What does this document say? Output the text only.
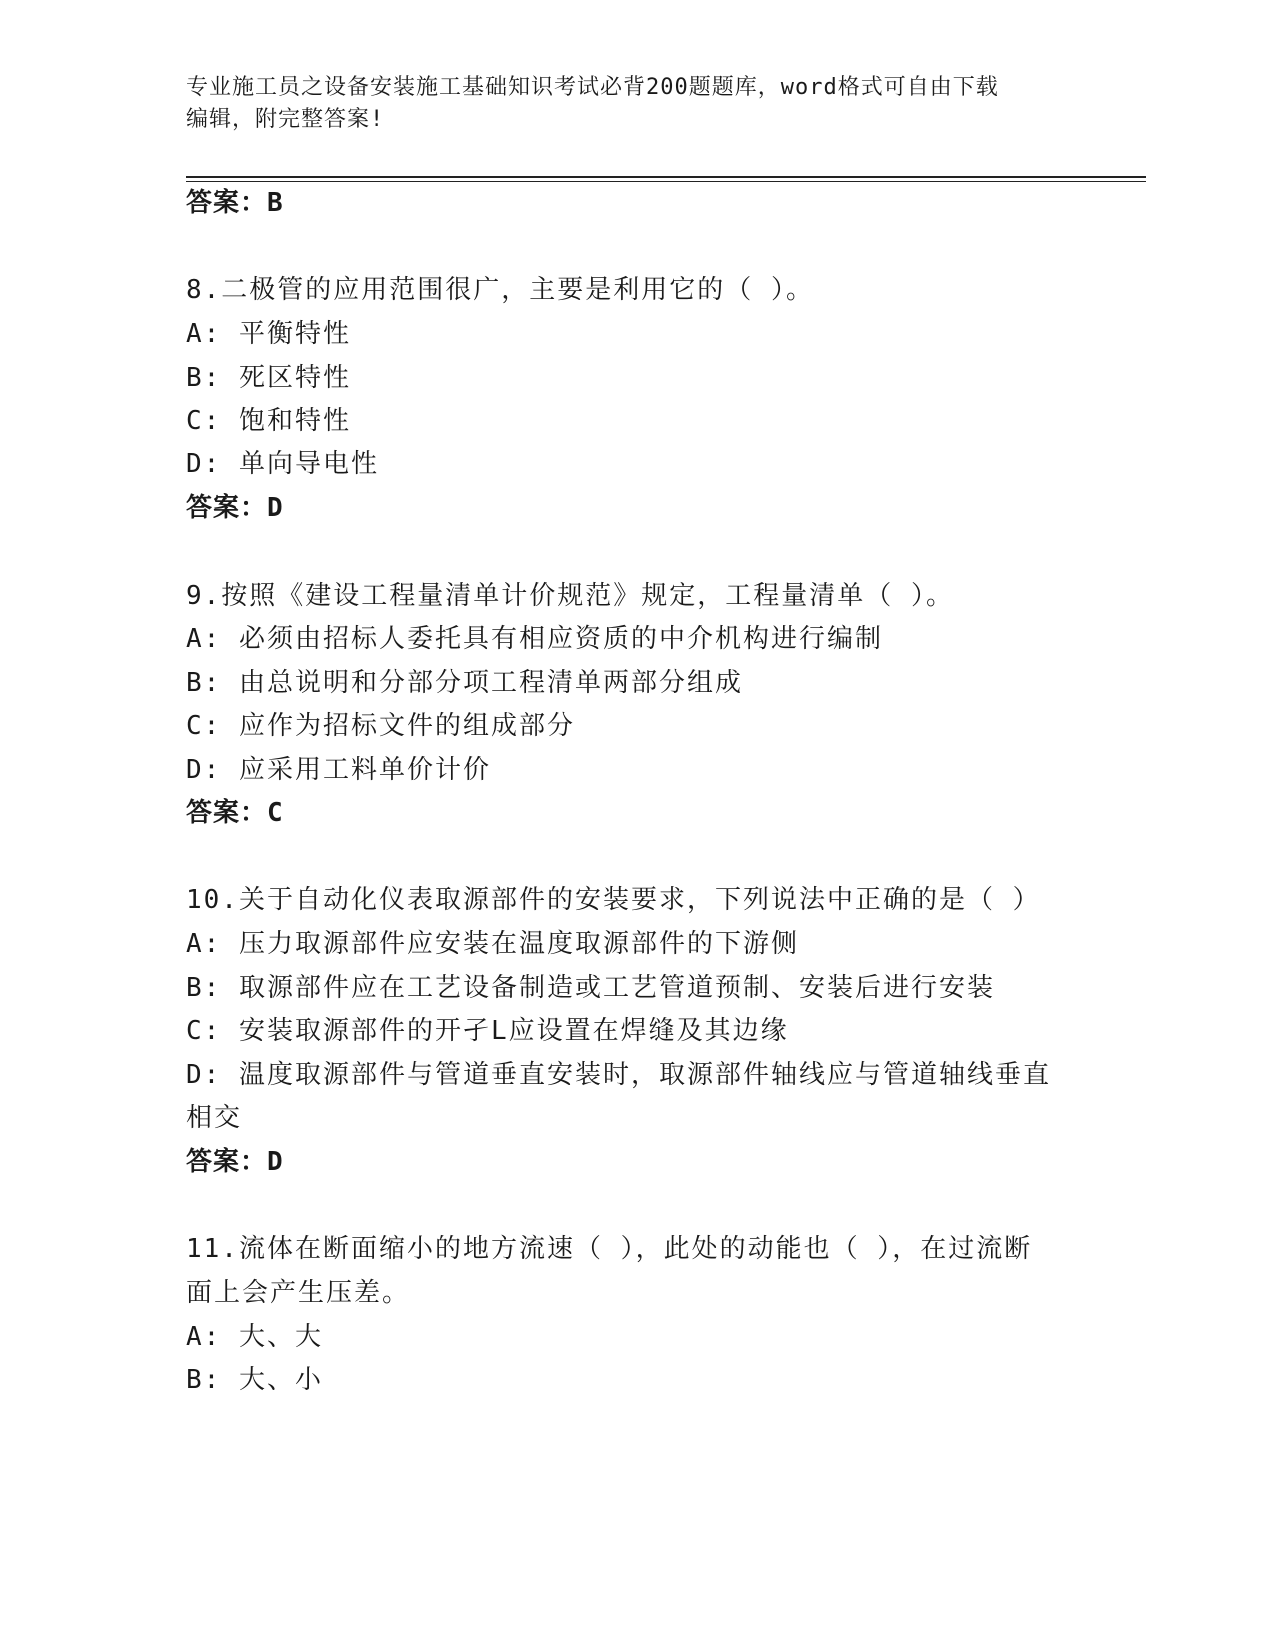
专业施工员之设备安装施工基础知识考试必背200题题库，word格式可自由下载
编辑，附完整答案!
答案：B
8.二极管的应用范围很广，主要是利用它的（ ）。
A: 平衡特性
B: 死区特性
C: 饱和特性
D: 单向导电性
答案：D
9.按照《建设工程量清单计价规范》规定，工程量清单（ ）。
A: 必须由招标人委托具有相应资质的中介机构进行编制
B: 由总说明和分部分项工程清单两部分组成
C: 应作为招标文件的组成部分
D: 应采用工料单价计价
答案：C
10.关于自动化仪表取源部件的安装要求，下列说法中正确的是（ ）
A: 压力取源部件应安装在温度取源部件的下游侧
B: 取源部件应在工艺设备制造或工艺管道预制、安装后进行安装
C: 安装取源部件的开孑L应设置在焊缝及其边缘
D: 温度取源部件与管道垂直安装时，取源部件轴线应与管道轴线垂直
相交
答案：D
11.流体在断面缩小的地方流速（ ），此处的动能也（ ），在过流断
面上会产生压差。
A: 大、大
B: 大、小
